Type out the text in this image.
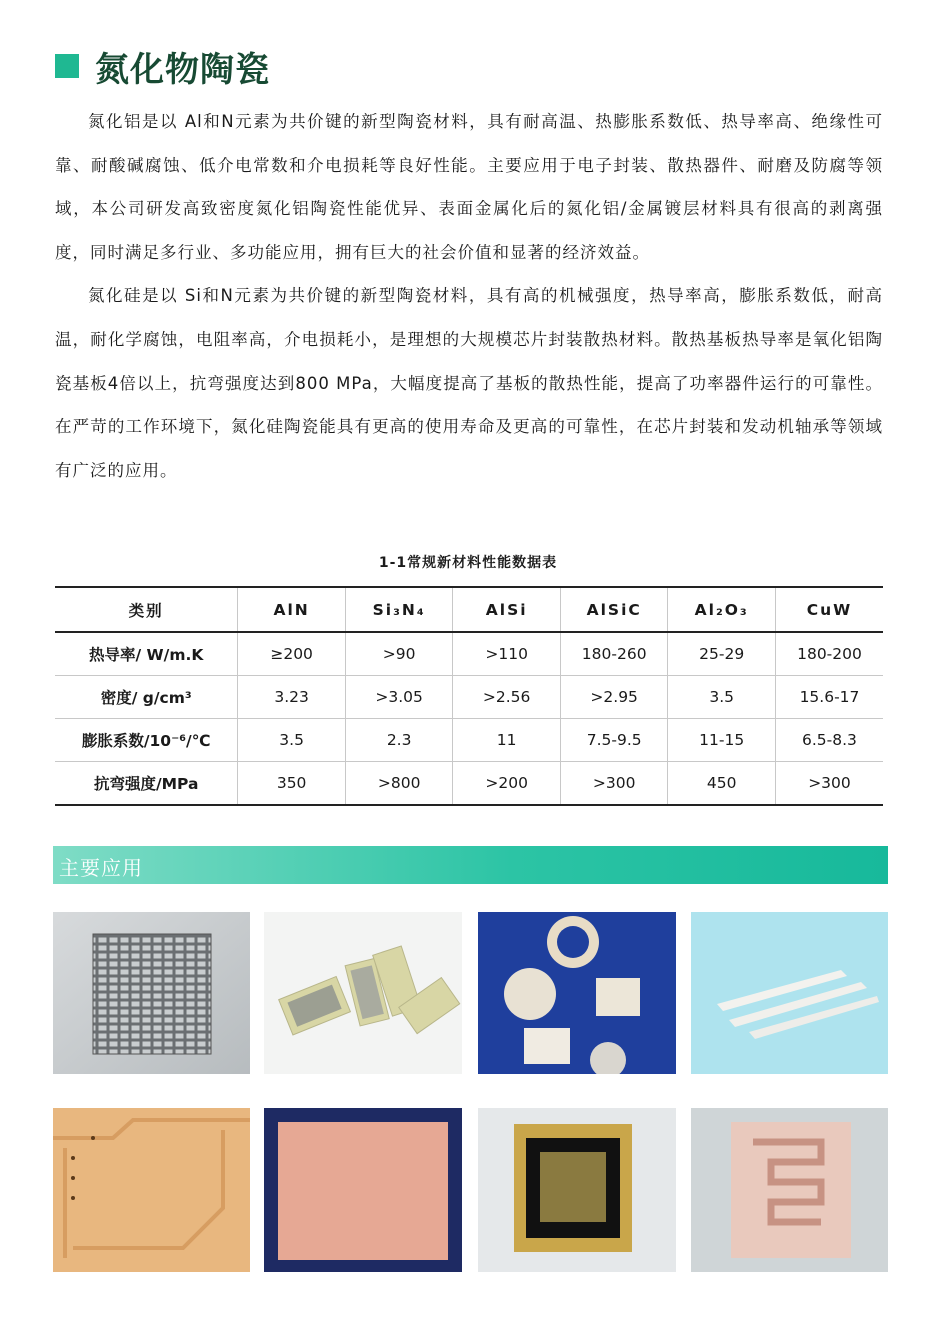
氮化物陶瓷

氮化铝是以 Al和N元素为共价键的新型陶瓷材料，具有耐高温、热膨胀系数低、热导率高、绝缘性可靠、耐酸碱腐蚀、低介电常数和介电损耗等良好性能。主要应用于电子封装、散热器件、耐磨及防腐等领域，本公司研发高致密度氮化铝陶瓷性能优异、表面金属化后的氮化铝/金属镀层材料具有很高的剥离强度，同时满足多行业、多功能应用，拥有巨大的社会价值和显著的经济效益。

氮化硅是以 Si和N元素为共价键的新型陶瓷材料，具有高的机械强度，热导率高，膨胀系数低，耐高温，耐化学腐蚀，电阻率高，介电损耗小，是理想的大规模芯片封装散热材料。散热基板热导率是氧化铝陶瓷基板4倍以上，抗弯强度达到800 MPa，大幅度提高了基板的散热性能，提高了功率器件运行的可靠性。在严苛的工作环境下，氮化硅陶瓷能具有更高的使用寿命及更高的可靠性，在芯片封装和发动机轴承等领域有广泛的应用。

1-1常规新材料性能数据表
类别	AlN	Si₃N₄	AlSi	AlSiC	Al₂O₃	CuW
热导率/ W/m.K	≥200	>90	>110	180-260	25-29	180-200
密度/ g/cm³	3.23	>3.05	>2.56	>2.95	3.5	15.6-17
膨胀系数/10⁻⁶/℃	3.5	2.3	11	7.5-9.5	11-15	6.5-8.3
抗弯强度/MPa	350	>800	>200	>300	450	>300
主要应用
